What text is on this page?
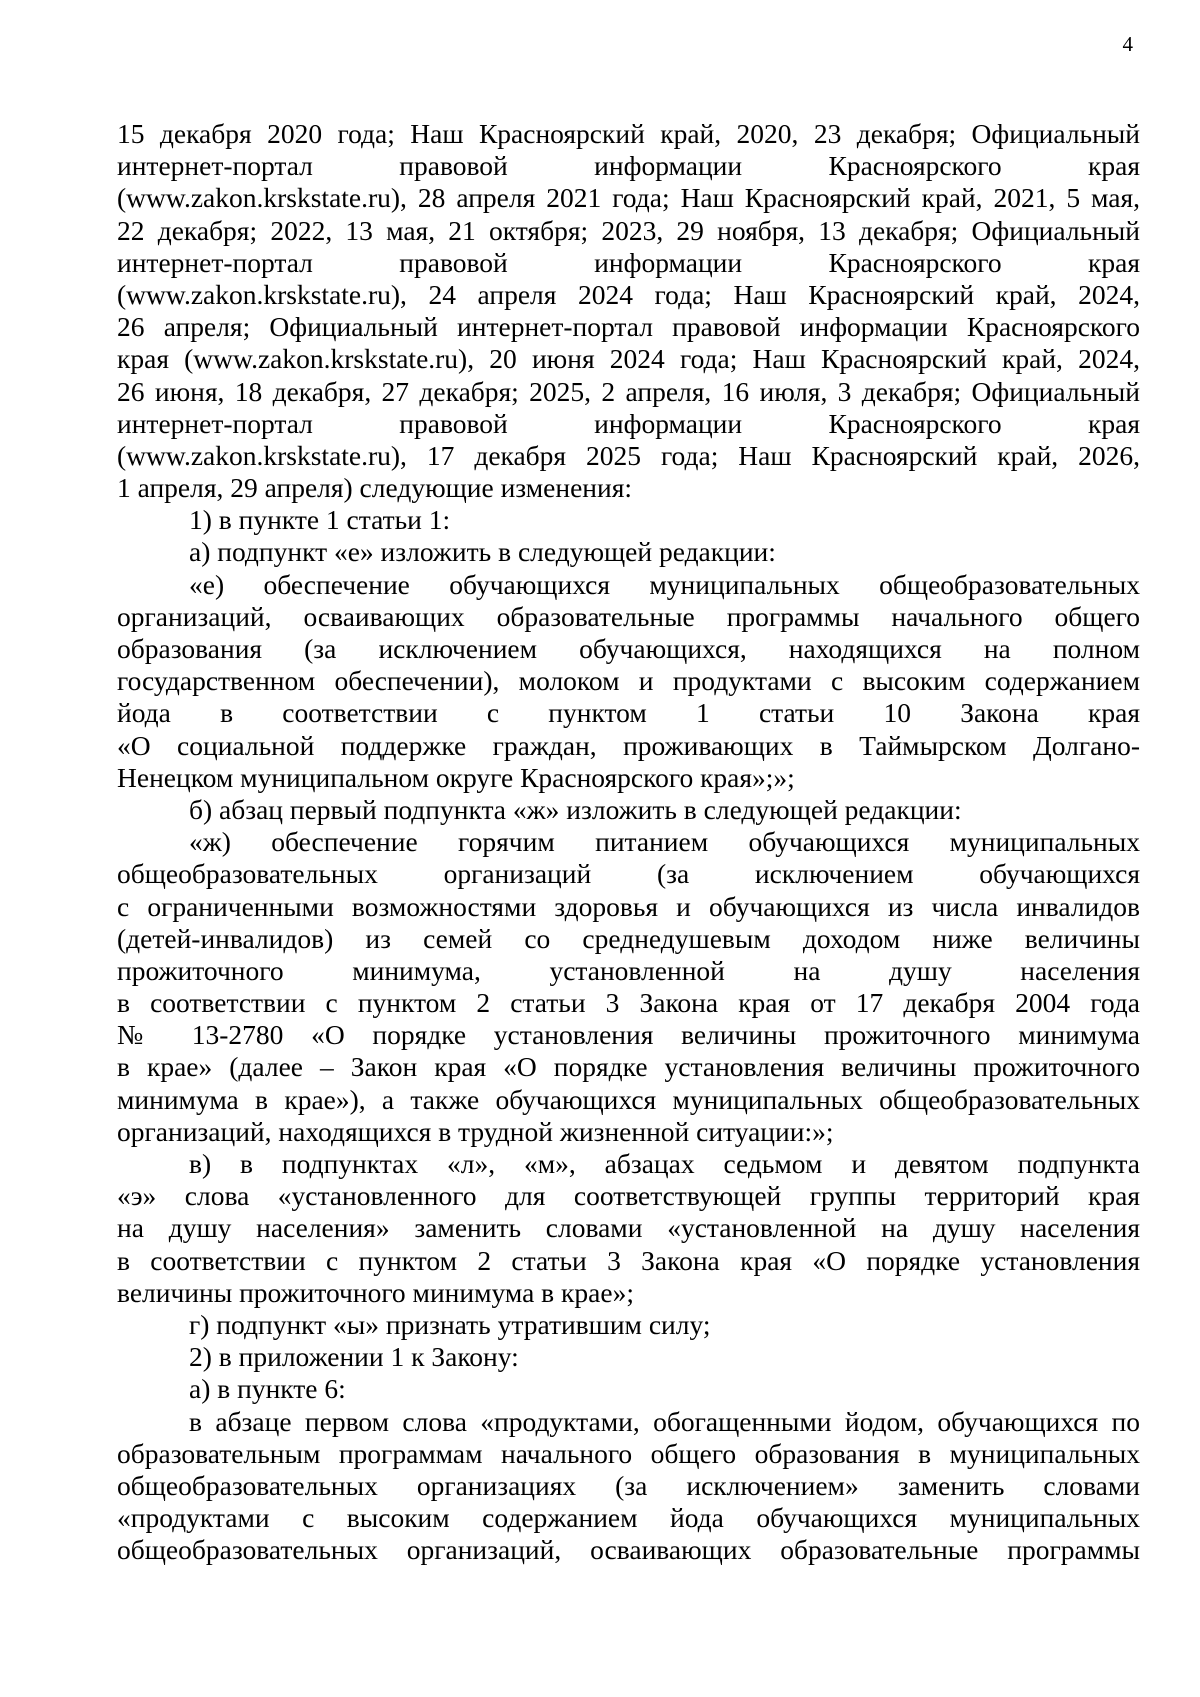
4
15 декабря 2020 года; Наш Красноярский край, 2020, 23 декабря; Официальный
интернет-портал правовой информации Красноярского края
(www.zakon.krskstate.ru), 28 апреля 2021 года; Наш Красноярский край, 2021, 5 мая,
22 декабря; 2022, 13 мая, 21 октября; 2023, 29 ноября, 13 декабря; Официальный
интернет-портал правовой информации Красноярского края
(www.zakon.krskstate.ru), 24 апреля 2024 года; Наш Красноярский край, 2024,
26 апреля; Официальный интернет-портал правовой информации Красноярского
края (www.zakon.krskstate.ru), 20 июня 2024 года; Наш Красноярский край, 2024,
26 июня, 18 декабря, 27 декабря; 2025, 2 апреля, 16 июля, 3 декабря; Официальный
интернет-портал правовой информации Красноярского края
(www.zakon.krskstate.ru), 17 декабря 2025 года; Наш Красноярский край, 2026,
1 апреля, 29 апреля) следующие изменения:
1) в пункте 1 статьи 1:
а) подпункт «е» изложить в следующей редакции:
«е) обеспечение обучающихся муниципальных общеобразовательных
организаций, осваивающих образовательные программы начального общего
образования (за исключением обучающихся, находящихся на полном
государственном обеспечении), молоком и продуктами с высоким содержанием
йода в соответствии с пунктом 1 статьи 10 Закона края
«О социальной поддержке граждан, проживающих в Таймырском Долгано-
Ненецком муниципальном округе Красноярского края»;»;
б) абзац первый подпункта «ж» изложить в следующей редакции:
«ж) обеспечение горячим питанием обучающихся муниципальных
общеобразовательных организаций (за исключением обучающихся
с ограниченными возможностями здоровья и обучающихся из числа инвалидов
(детей-инвалидов) из семей со среднедушевым доходом ниже величины
прожиточного минимума, установленной на душу населения
в соответствии с пунктом 2 статьи 3 Закона края от 17 декабря 2004 года
№ 13-2780 «О порядке установления величины прожиточного минимума
в крае» (далее – Закон края «О порядке установления величины прожиточного
минимума в крае»), а также обучающихся муниципальных общеобразовательных
организаций, находящихся в трудной жизненной ситуации:»;
в) в подпунктах «л», «м», абзацах седьмом и девятом подпункта
«э» слова «установленного для соответствующей группы территорий края
на душу населения» заменить словами «установленной на душу населения
в соответствии с пунктом 2 статьи 3 Закона края «О порядке установления
величины прожиточного минимума в крае»;
г) подпункт «ы» признать утратившим силу;
2) в приложении 1 к Закону:
а) в пункте 6:
в абзаце первом слова «продуктами, обогащенными йодом, обучающихся по
образовательным программам начального общего образования в муниципальных
общеобразовательных организациях (за исключением» заменить словами
«продуктами с высоким содержанием йода обучающихся муниципальных
общеобразовательных организаций, осваивающих образовательные программы
